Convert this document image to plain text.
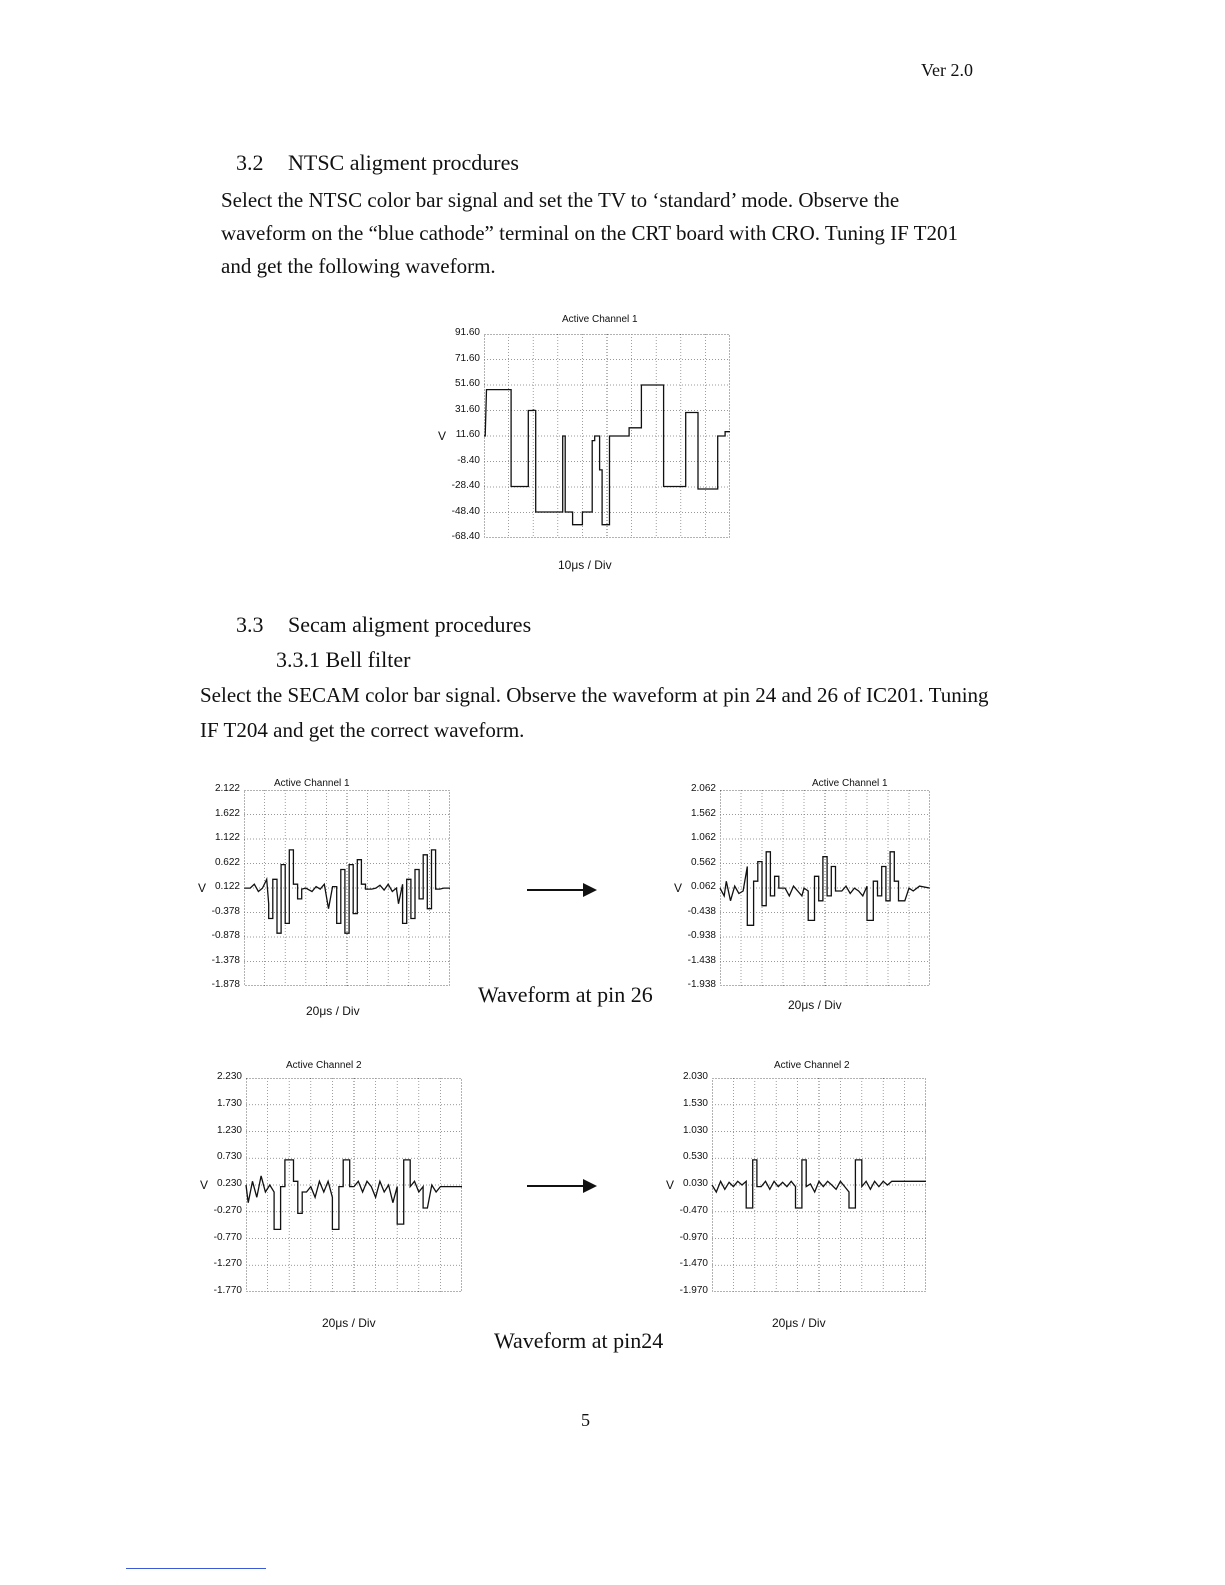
Ver 2.0
3.2 NTSC aligment procdures
Select the NTSC color bar signal and set the TV to ‘standard’ mode. Observe the waveform on the “blue cathode” terminal on the CRT board with CRO. Tuning IF T201 and get the following waveform.
Active Channel 1
91.60
71.60
51.60
31.60
11.60
-8.40
-28.40
-48.40
-68.40
V
10μs / Div
3.3 Secam aligment procedures
3.3.1 Bell filter
Select the SECAM color bar signal. Observe the waveform at pin 24 and 26 of IC201. Tuning IF T204 and get the correct waveform.
Active Channel 1
2.122
1.622
1.122
0.622
0.122
-0.378
-0.878
-1.378
-1.878
V
20μs / Div
Active Channel 1
2.062
1.562
1.062
0.562
0.062
-0.438
-0.938
-1.438
-1.938
V
20μs / Div
Waveform at pin 26
Active Channel 2
2.230
1.730
1.230
0.730
0.230
-0.270
-0.770
-1.270
-1.770
V
20μs / Div
Active Channel 2
2.030
1.530
1.030
0.530
0.030
-0.470
-0.970
-1.470
-1.970
V
20μs / Div
Waveform at pin24
5
